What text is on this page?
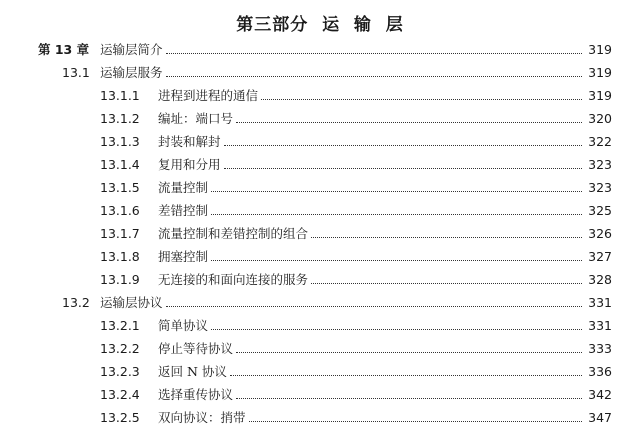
第三部分  运  输  层
第 13 章 运输层简介	319
13.1 运输层服务	319
13.1.1 进程到进程的通信	319
13.1.2 编址：端口号	320
13.1.3 封装和解封	322
13.1.4 复用和分用	323
13.1.5 流量控制	323
13.1.6 差错控制	325
13.1.7 流量控制和差错控制的组合	326
13.1.8 拥塞控制	327
13.1.9 无连接的和面向连接的服务	328
13.2 运输层协议	331
13.2.1 简单协议	331
13.2.2 停止等待协议	333
13.2.3 返回 N 协议	336
13.2.4 选择重传协议	342
13.2.5 双向协议：捎带	347
